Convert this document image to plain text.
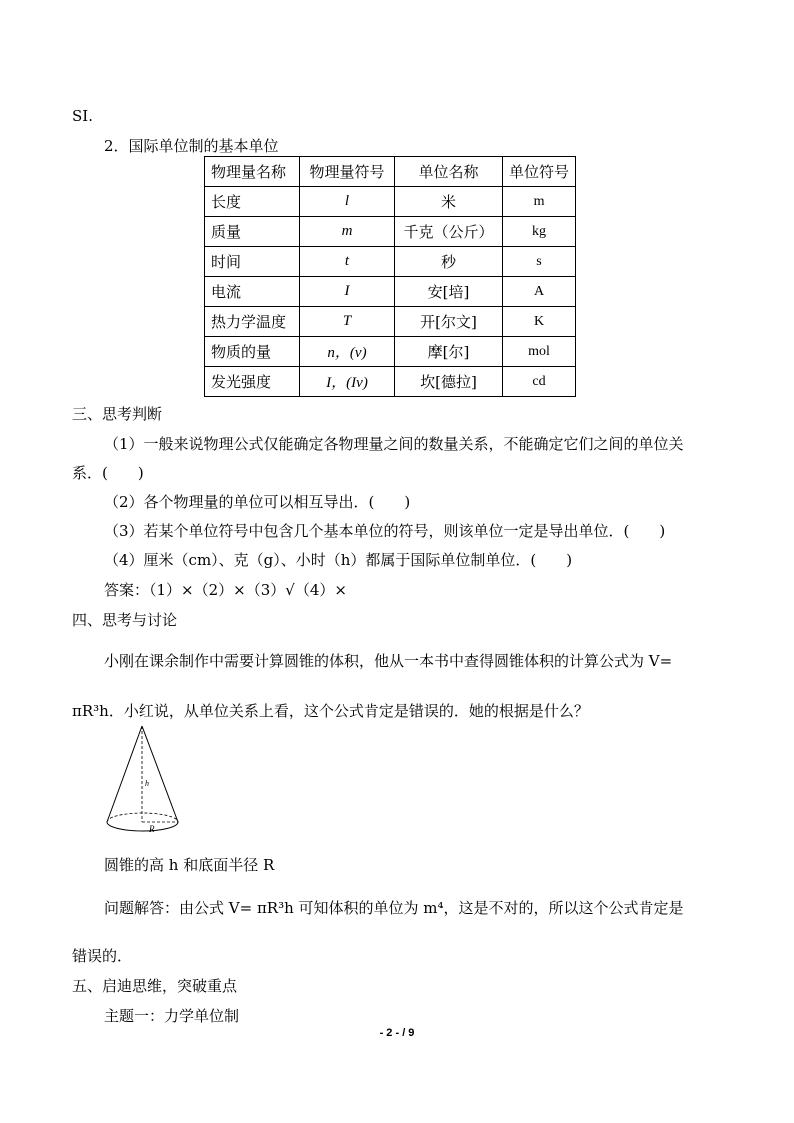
SI.
2．国际单位制的基本单位
物理量名称	物理量符号	单位名称	单位符号
长度	l	米	m
质量	m	千克（公斤）	kg
时间	t	秒	s
电流	I	安[培]	A
热力学温度	T	开[尔文]	K
物质的量	n，(ν)	摩[尔]	mol
发光强度	I，(Iv)	坎[德拉]	cd
三、思考判断
（1）一般来说物理公式仅能确定各物理量之间的数量关系，不能确定它们之间的单位关
系．(　　)
（2）各个物理量的单位可以相互导出．(　　)
（3）若某个单位符号中包含几个基本单位的符号，则该单位一定是导出单位．(　　)
（4）厘米（cm）、克（g）、小时（h）都属于国际单位制单位．(　　)
答案：（1）×（2）×（3）√（4）×
四、思考与讨论
小刚在课余制作中需要计算圆锥的体积，他从一本书中查得圆锥体积的计算公式为 V=
πR³h．小红说，从单位关系上看，这个公式肯定是错误的．她的根据是什么？
h
R
圆锥的高 h 和底面半径 R
问题解答：由公式 V= πR³h 可知体积的单位为 m⁴，这是不对的，所以这个公式肯定是
错误的．
五、启迪思维，突破重点
主题一：力学单位制
- 2 - / 9
